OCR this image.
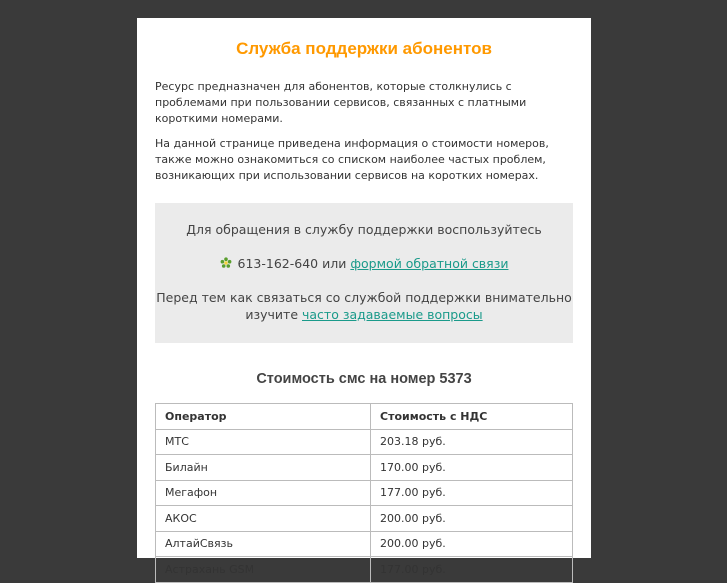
Служба поддержки абонентов

Ресурс предназначен для абонентов, которые столкнулись с проблемами при пользовании сервисов, связанных с платными короткими номерами.

На данной странице приведена информация о стоимости номеров, также можно ознакомиться со списком наиболее частых проблем, возникающих при использовании сервисов на коротких номерах.

Для обращения в службу поддержки воспользуйтесь

613-162-640 или формой обратной связи

Перед тем как связаться со службой поддержки внимательно изучите часто задаваемые вопросы

Стоимость смс на номер 5373
Оператор	Стоимость с НДС
МТС	203.18 руб.
Билайн	170.00 руб.
Мегафон	177.00 руб.
АКОС	200.00 руб.
АлтайСвязь	200.00 руб.
Астрахань GSM	177.00 руб.
